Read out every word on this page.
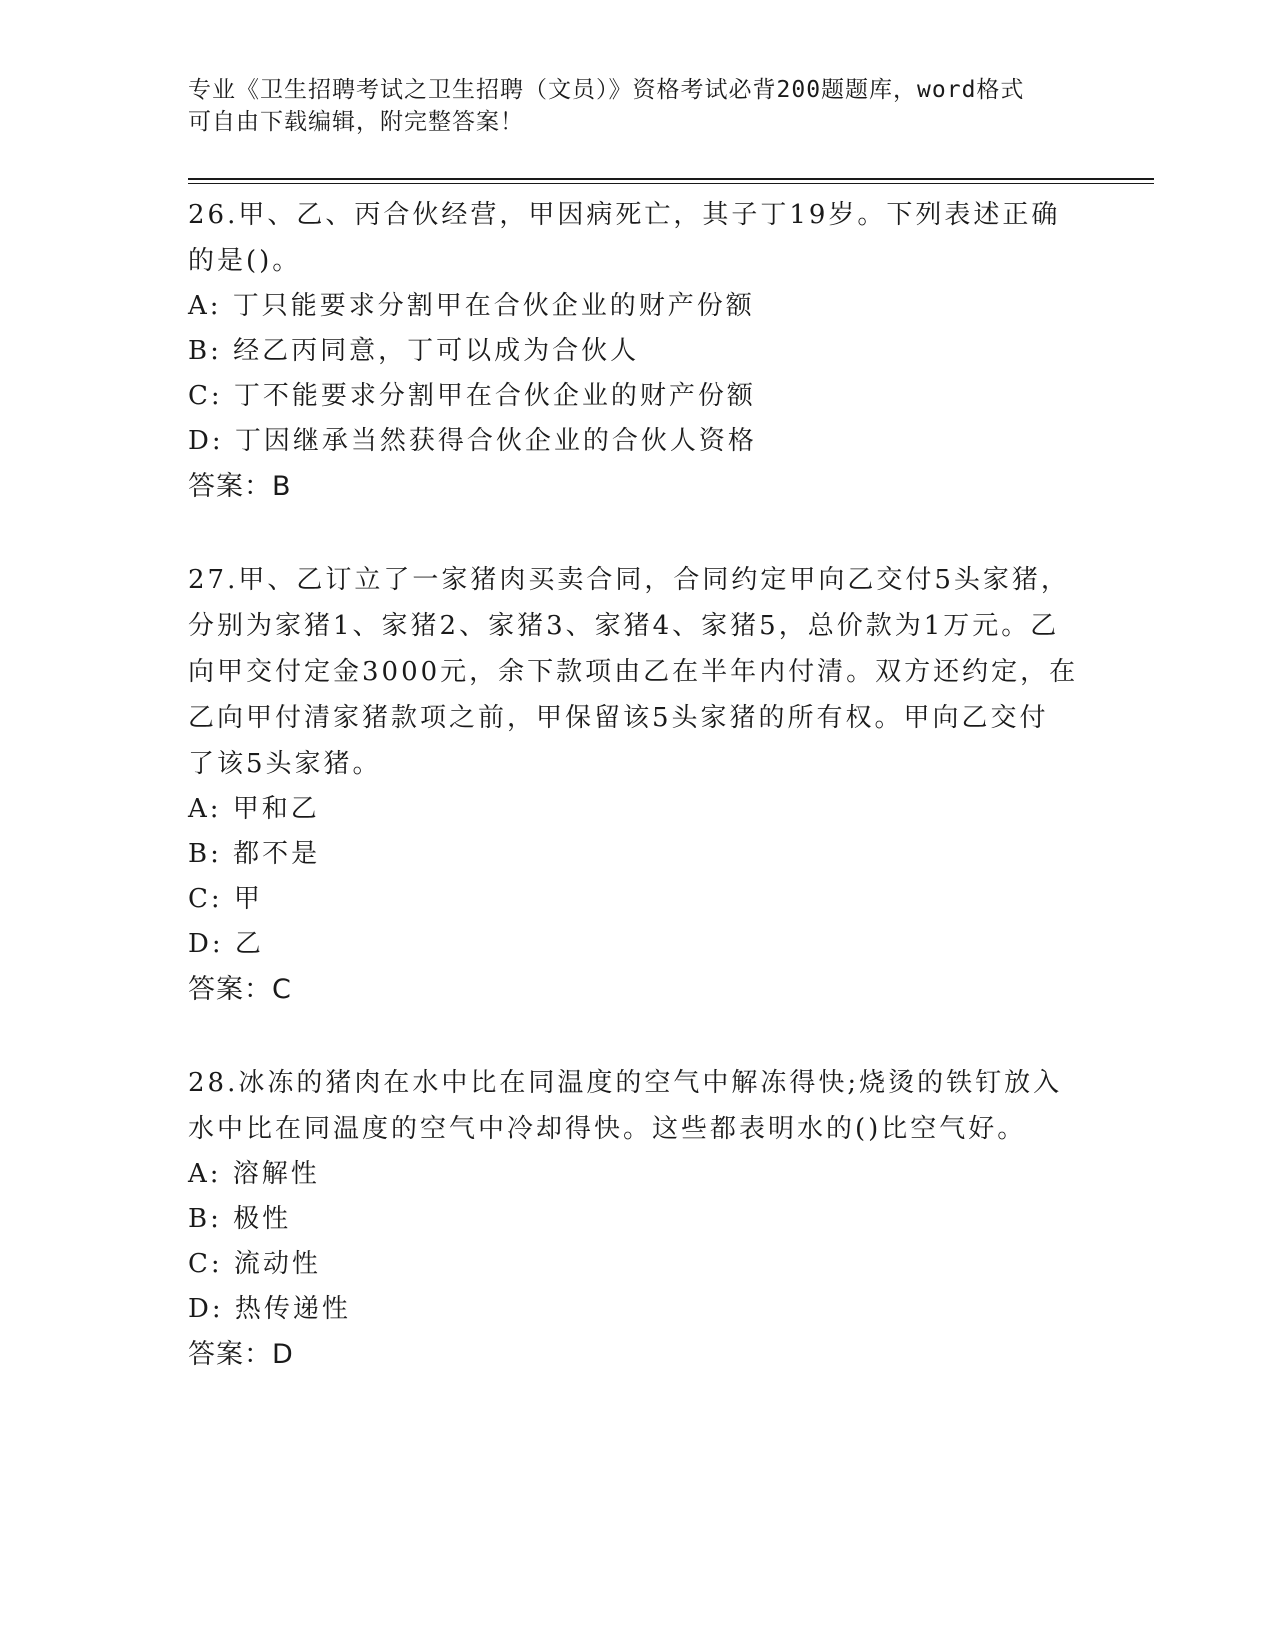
专业《卫生招聘考试之卫生招聘（文员）》资格考试必背200题题库，word格式
可自由下载编辑，附完整答案！
26.甲、乙、丙合伙经营，甲因病死亡，其子丁19岁。下列表述正确
的是()。
A: 丁只能要求分割甲在合伙企业的财产份额
B: 经乙丙同意，丁可以成为合伙人
C: 丁不能要求分割甲在合伙企业的财产份额
D: 丁因继承当然获得合伙企业的合伙人资格
答案：B
27.甲、乙订立了一家猪肉买卖合同，合同约定甲向乙交付5头家猪，
分别为家猪1、家猪2、家猪3、家猪4、家猪5，总价款为1万元。乙
向甲交付定金3000元，余下款项由乙在半年内付清。双方还约定，在
乙向甲付清家猪款项之前，甲保留该5头家猪的所有权。甲向乙交付
了该5头家猪。
A: 甲和乙
B: 都不是
C: 甲
D: 乙
答案：C
28.冰冻的猪肉在水中比在同温度的空气中解冻得快;烧烫的铁钉放入
水中比在同温度的空气中冷却得快。这些都表明水的()比空气好。
A: 溶解性
B: 极性
C: 流动性
D: 热传递性
答案：D
